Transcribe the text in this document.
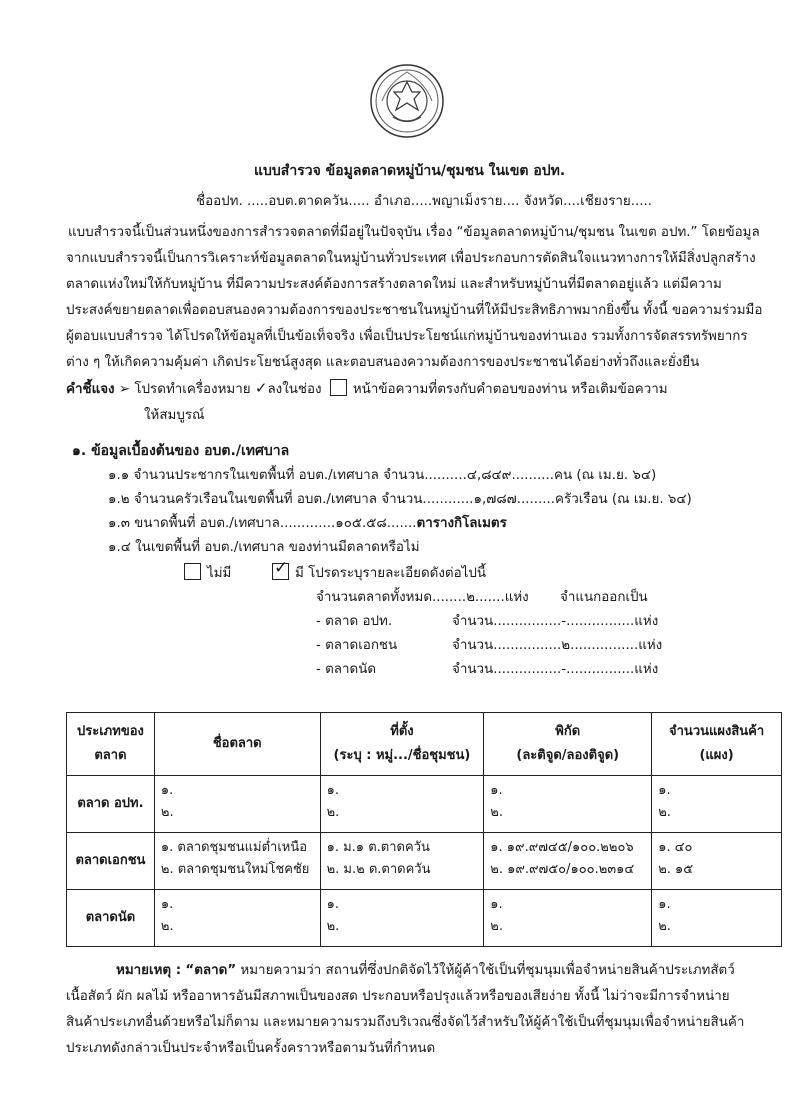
แบบสำรวจ ข้อมูลตลาดหมู่บ้าน/ชุมชน ในเขต อปท.
ชื่ออปท. .....อบต.ตาดควัน..... อำเภอ.....พญาเม็งราย.... จังหวัด....เชียงราย.....
แบบสำรวจนี้เป็นส่วนหนึ่งของการสำรวจตลาดที่มีอยู่ในปัจจุบัน เรื่อง “ข้อมูลตลาดหมู่บ้าน/ชุมชน ในเขต อปท.” โดยข้อมูล
จากแบบสำรวจนี้เป็นการวิเคราะห์ข้อมูลตลาดในหมู่บ้านทั่วประเทศ เพื่อประกอบการตัดสินใจแนวทางการให้มีสิ่งปลูกสร้าง
ตลาดแห่งใหม่ให้กับหมู่บ้าน ที่มีความประสงค์ต้องการสร้างตลาดใหม่ และสำหรับหมู่บ้านที่มีตลาดอยู่แล้ว แต่มีความ
ประสงค์ขยายตลาดเพื่อตอบสนองความต้องการของประชาชนในหมู่บ้านที่ให้มีประสิทธิภาพมากยิ่งขึ้น ทั้งนี้ ขอความร่วมมือ
ผู้ตอบแบบสำรวจ ได้โปรดให้ข้อมูลที่เป็นข้อเท็จจริง เพื่อเป็นประโยชน์แก่หมู่บ้านของท่านเอง รวมทั้งการจัดสรรทรัพยากร
ต่าง ๆ ให้เกิดความคุ้มค่า เกิดประโยชน์สูงสุด และตอบสนองความต้องการของประชาชนได้อย่างทั่วถึงและยั่งยืน
คำชี้แจง ➢ โปรดทำเครื่องหมาย ✓ลงในช่อง หน้าข้อความที่ตรงกับคำตอบของท่าน หรือเติมข้อความ
ให้สมบูรณ์
๑. ข้อมูลเบื้องต้นของ อบต./เทศบาล
๑.๑ จำนวนประชากรในเขตพื้นที่ อบต./เทศบาล จำนวน..........๔,๘๔๙..........คน (ณ เม.ย. ๖๔)
๑.๒ จำนวนครัวเรือนในเขตพื้นที่ อบต./เทศบาล จำนวน............๑,๗๘๗.........ครัวเรือน (ณ เม.ย. ๖๔)
๑.๓ ขนาดพื้นที่ อบต./เทศบาล.............๑๐๕.๕๘.......ตารางกิโลเมตร
๑.๔ ในเขตพื้นที่ อบต./เทศบาล ของท่านมีตลาดหรือไม่
ไม่มี
✓	มี โปรดระบุรายละเอียดดังต่อไปนี้
จำนวนตลาดทั้งหมด........๒.......แห่ง จำแนกออกเป็น
- ตลาด อปท.	จำนวน................-................แห่ง
- ตลาดเอกชน	จำนวน................๒................แห่ง
- ตลาดนัด	จำนวน................-................แห่ง
ประเภทของ
ตลาด
	ชื่อตลาด	
ที่ตั้ง
(ระบุ : หมู่.../ชื่อชุมชน)

พิกัด
(ละติจูด/ลองติจูด)

จำนวนแผงสินค้า
(แผง)

ตลาด อปท.	
๑.
๒.

๑.
๒.

๑.
๒.

๑.
๒.

ตลาดเอกชน	
๑. ตลาดชุมชนแม่ต่ำเหนือ
๒. ตลาดชุมชนใหม่โชคชัย

๑. ม.๑ ต.ตาดควัน
๒. ม.๒ ต.ตาดควัน

๑. ๑๙.๙๗๔๕/๑๐๐.๒๒๐๖
๒. ๑๙.๙๗๕๐/๑๐๐.๒๓๑๔

๑. ๔๐
๒. ๑๕

ตลาดนัด	
๑.
๒.

๑.
๒.

๑.
๒.

๑.
๒.
หมายเหตุ : “ตลาด” หมายความว่า สถานที่ซึ่งปกติจัดไว้ให้ผู้ค้าใช้เป็นที่ชุมนุมเพื่อจำหน่ายสินค้าประเภทสัตว์
เนื้อสัตว์ ผัก ผลไม้ หรืออาหารอันมีสภาพเป็นของสด ประกอบหรือปรุงแล้วหรือของเสียง่าย ทั้งนี้ ไม่ว่าจะมีการจำหน่าย
สินค้าประเภทอื่นด้วยหรือไม่ก็ตาม และหมายความรวมถึงบริเวณซึ่งจัดไว้สำหรับให้ผู้ค้าใช้เป็นที่ชุมนุมเพื่อจำหน่ายสินค้า
ประเภทดังกล่าวเป็นประจำหรือเป็นครั้งคราวหรือตามวันที่กำหนด
